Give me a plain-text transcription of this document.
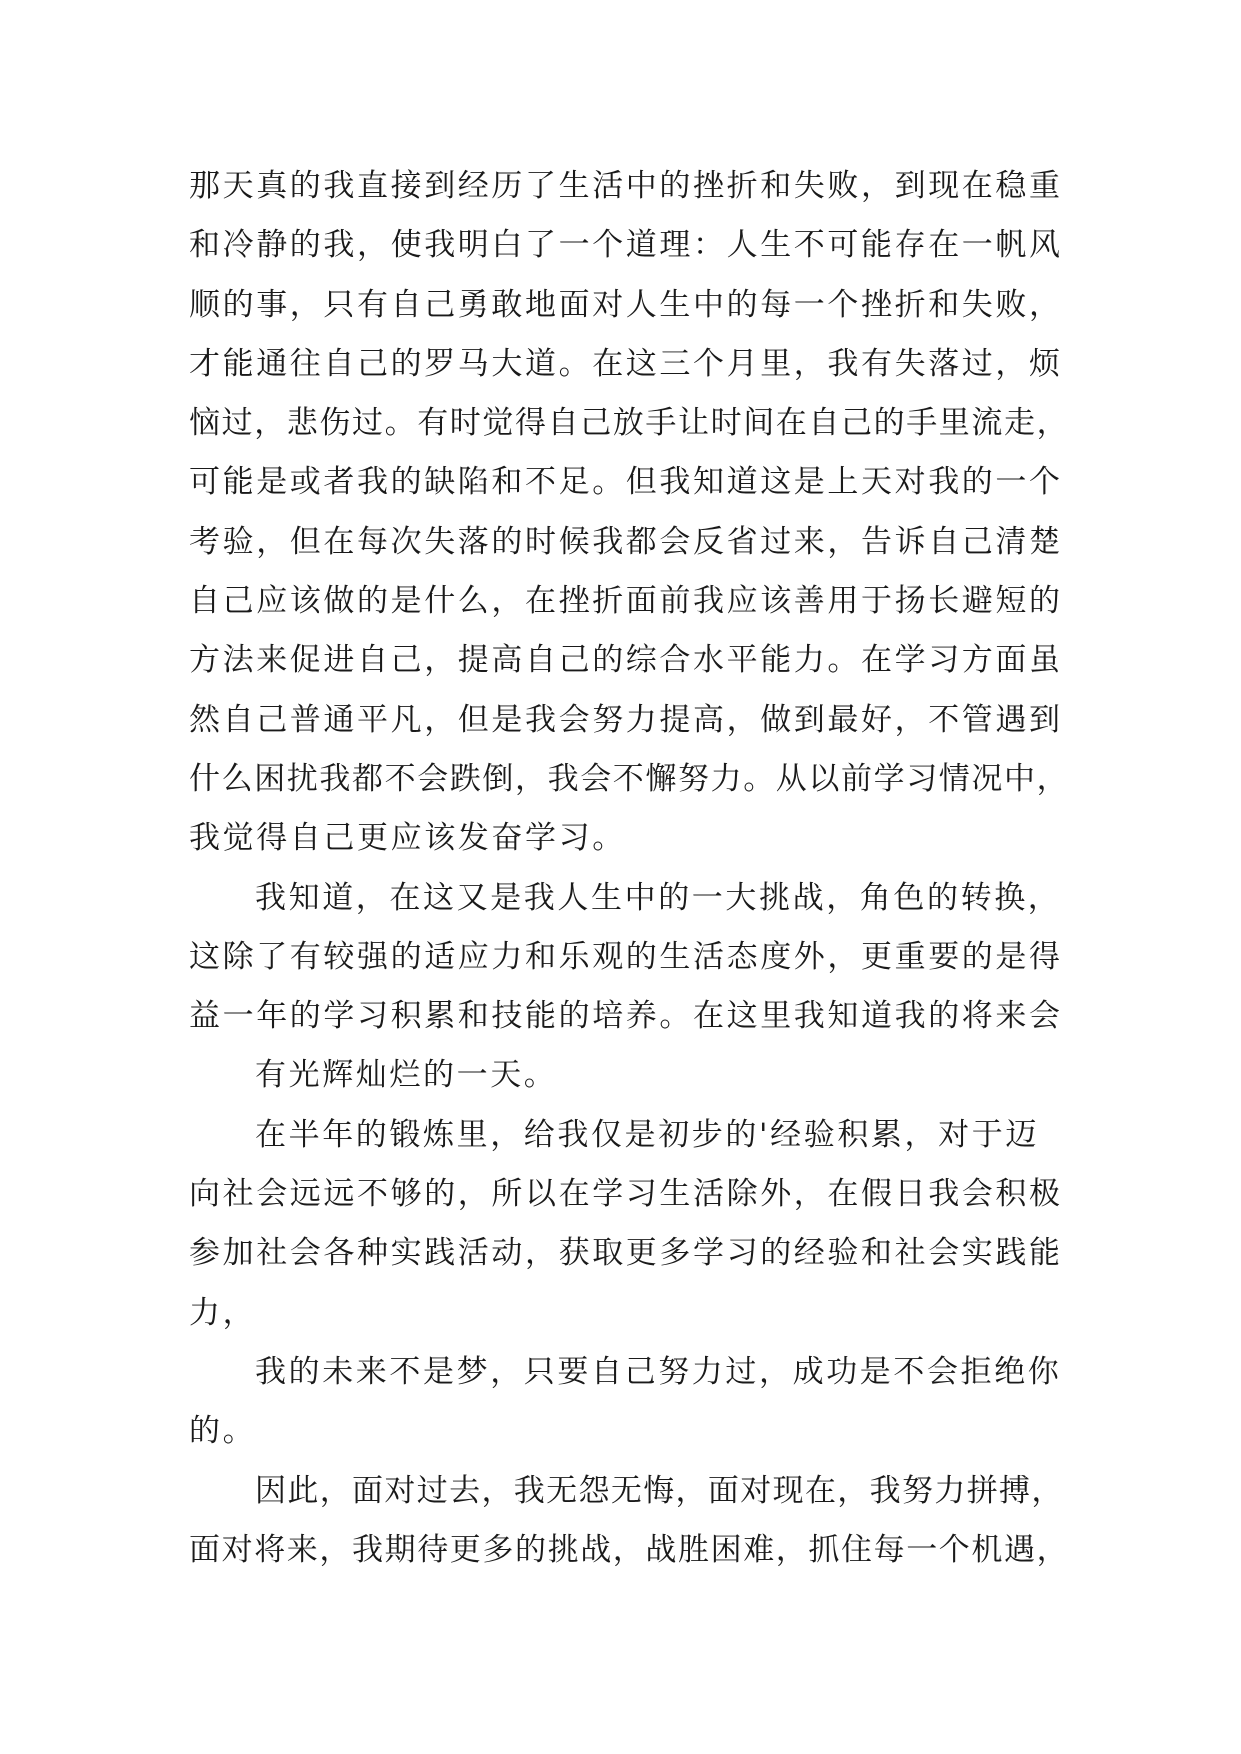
那天真的我直接到经历了生活中的挫折和失败，到现在稳重
和冷静的我，使我明白了一个道理：人生不可能存在一帆风
顺的事，只有自己勇敢地面对人生中的每一个挫折和失败，
才能通往自己的罗马大道。在这三个月里，我有失落过，烦
恼过，悲伤过。有时觉得自己放手让时间在自己的手里流走，
可能是或者我的缺陷和不足。但我知道这是上天对我的一个
考验，但在每次失落的时候我都会反省过来，告诉自己清楚
自己应该做的是什么，在挫折面前我应该善用于扬长避短的
方法来促进自己，提高自己的综合水平能力。在学习方面虽
然自己普通平凡，但是我会努力提高，做到最好，不管遇到
什么困扰我都不会跌倒，我会不懈努力。从以前学习情况中，
我觉得自己更应该发奋学习。
我知道，在这又是我人生中的一大挑战，角色的转换，
这除了有较强的适应力和乐观的生活态度外，更重要的是得
益一年的学习积累和技能的培养。在这里我知道我的将来会
有光辉灿烂的一天。
在半年的锻炼里，给我仅是初步的'经验积累，对于迈
向社会远远不够的，所以在学习生活除外，在假日我会积极
参加社会各种实践活动，获取更多学习的经验和社会实践能
力，
我的未来不是梦，只要自己努力过，成功是不会拒绝你
的。
因此，面对过去，我无怨无悔，面对现在，我努力拼搏，
面对将来，我期待更多的挑战，战胜困难，抓住每一个机遇，
